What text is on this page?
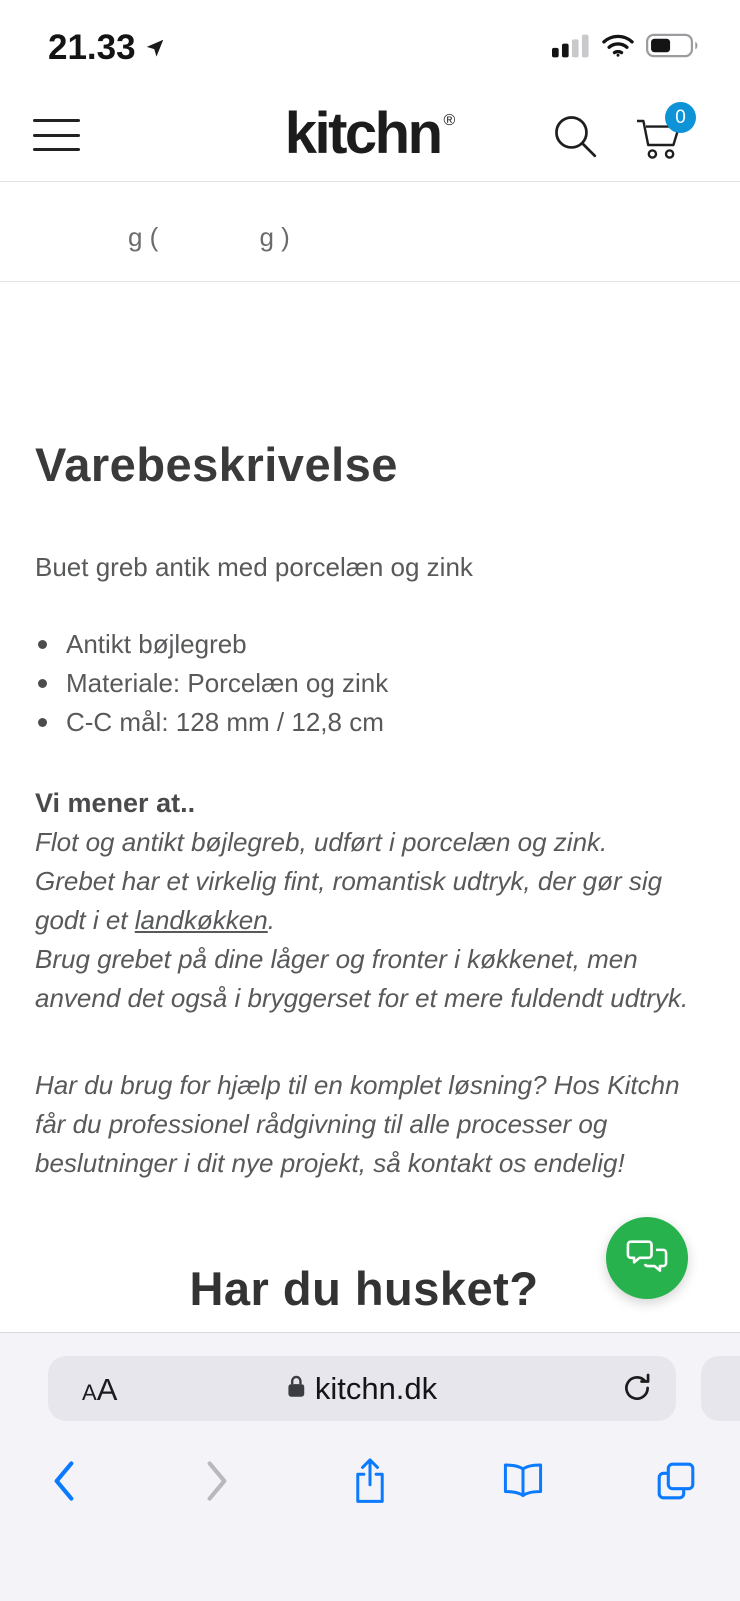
21.33
kitchn ®	0

g (              g )

Varebeskrivelse

Buet greb antik med porcelæn og zink

Antikt bøjlegreb
Materiale: Porcelæn og zink
C-C mål: 128 mm / 12,8 cm

Vi mener at..

Flot og antikt bøjlegreb, udført i porcelæn og zink. Grebet har et virkelig fint, romantisk udtryk, der gør sig godt i et landkøkken.

Brug grebet på dine låger og fronter i køkkenet, men anvend det også i bryggerset for et mere fuldendt udtryk.

Har du brug for hjælp til en komplet løsning? Hos Kitchn får du professionel rådgivning til alle processer og beslutninger i dit nye projekt, så kontakt os endelig!

Har du husket?
A A	kitchn.dk
